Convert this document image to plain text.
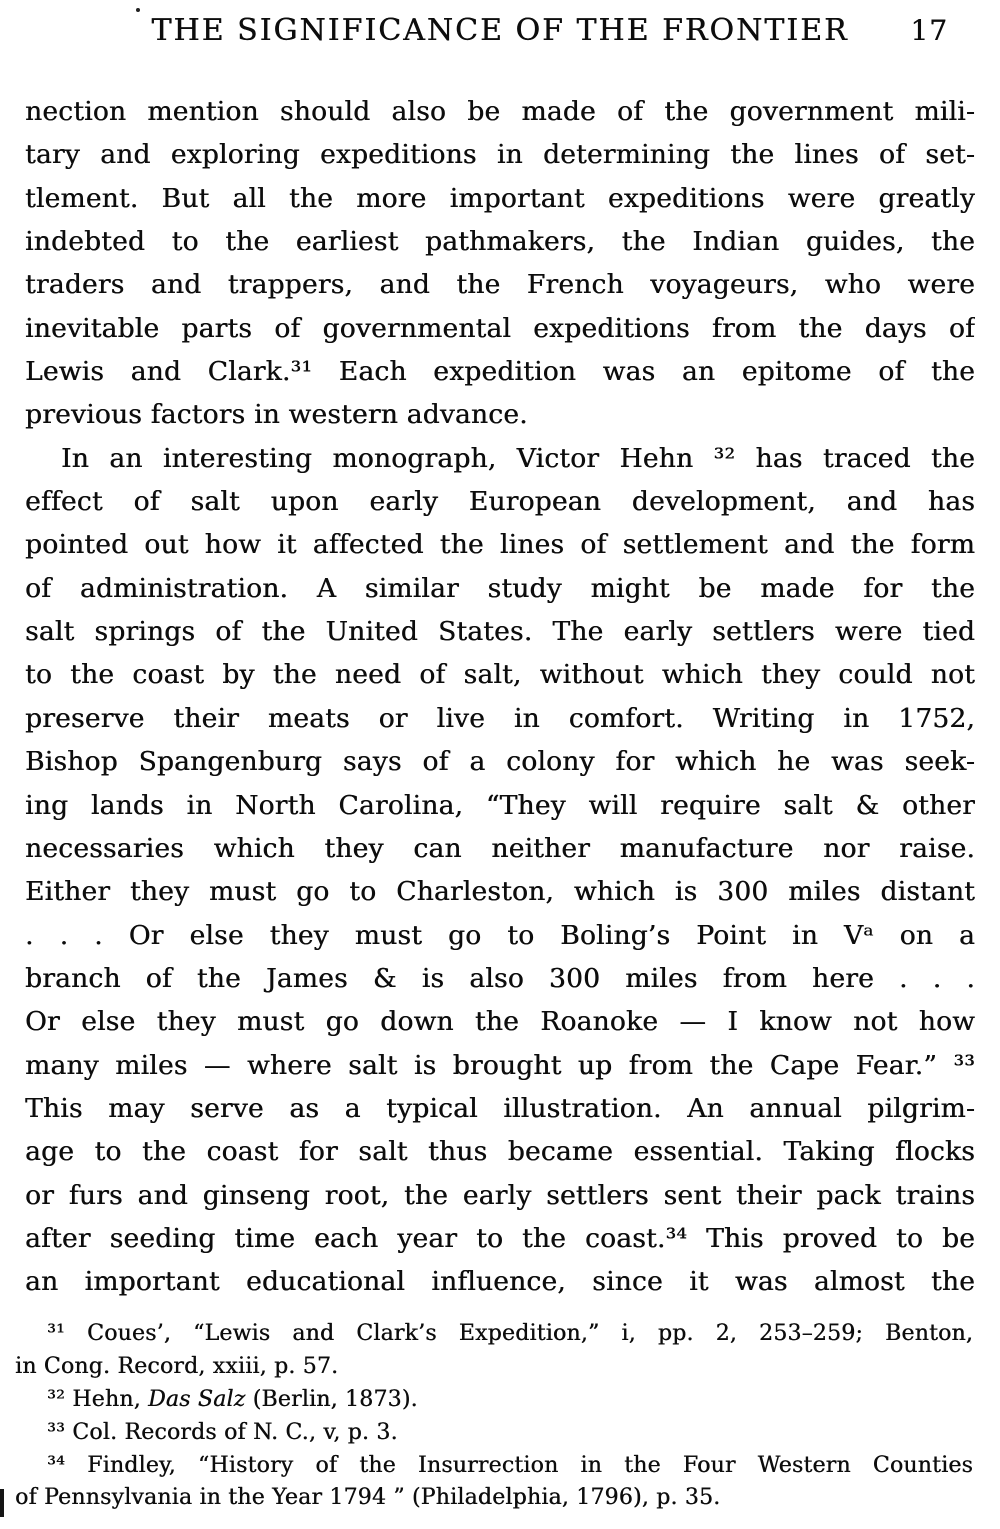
THE SIGNIFICANCE OF THE FRONTIER	17
nection mention should also be made of the government mili-
tary and exploring expeditions in determining the lines of set-
tlement. But all the more important expeditions were greatly
indebted to the earliest pathmakers, the Indian guides, the
traders and trappers, and the French voyageurs, who were
inevitable parts of governmental expeditions from the days of
Lewis and Clark.³¹ Each expedition was an epitome of the
previous factors in western advance.
In an interesting monograph, Victor Hehn ³² has traced the
effect of salt upon early European development, and has
pointed out how it affected the lines of settlement and the form
of administration. A similar study might be made for the
salt springs of the United States. The early settlers were tied
to the coast by the need of salt, without which they could not
preserve their meats or live in comfort. Writing in 1752,
Bishop Spangenburg says of a colony for which he was seek-
ing lands in North Carolina, “They will require salt & other
necessaries which they can neither manufacture nor raise.
Either they must go to Charleston, which is 300 miles distant
. . . Or else they must go to Boling’s Point in Vᵃ on a
branch of the James & is also 300 miles from here . . .
Or else they must go down the Roanoke — I know not how
many miles — where salt is brought up from the Cape Fear.” ³³
This may serve as a typical illustration. An annual pilgrim-
age to the coast for salt thus became essential. Taking flocks
or furs and ginseng root, the early settlers sent their pack trains
after seeding time each year to the coast.³⁴ This proved to be
an important educational influence, since it was almost the
³¹ Coues’, “Lewis and Clark’s Expedition,” i, pp. 2, 253–259; Benton,
in Cong. Record, xxiii, p. 57.
³² Hehn, Das Salz (Berlin, 1873).
³³ Col. Records of N. C., v, p. 3.
³⁴ Findley, “History of the Insurrection in the Four Western Counties
of Pennsylvania in the Year 1794 ” (Philadelphia, 1796), p. 35.
